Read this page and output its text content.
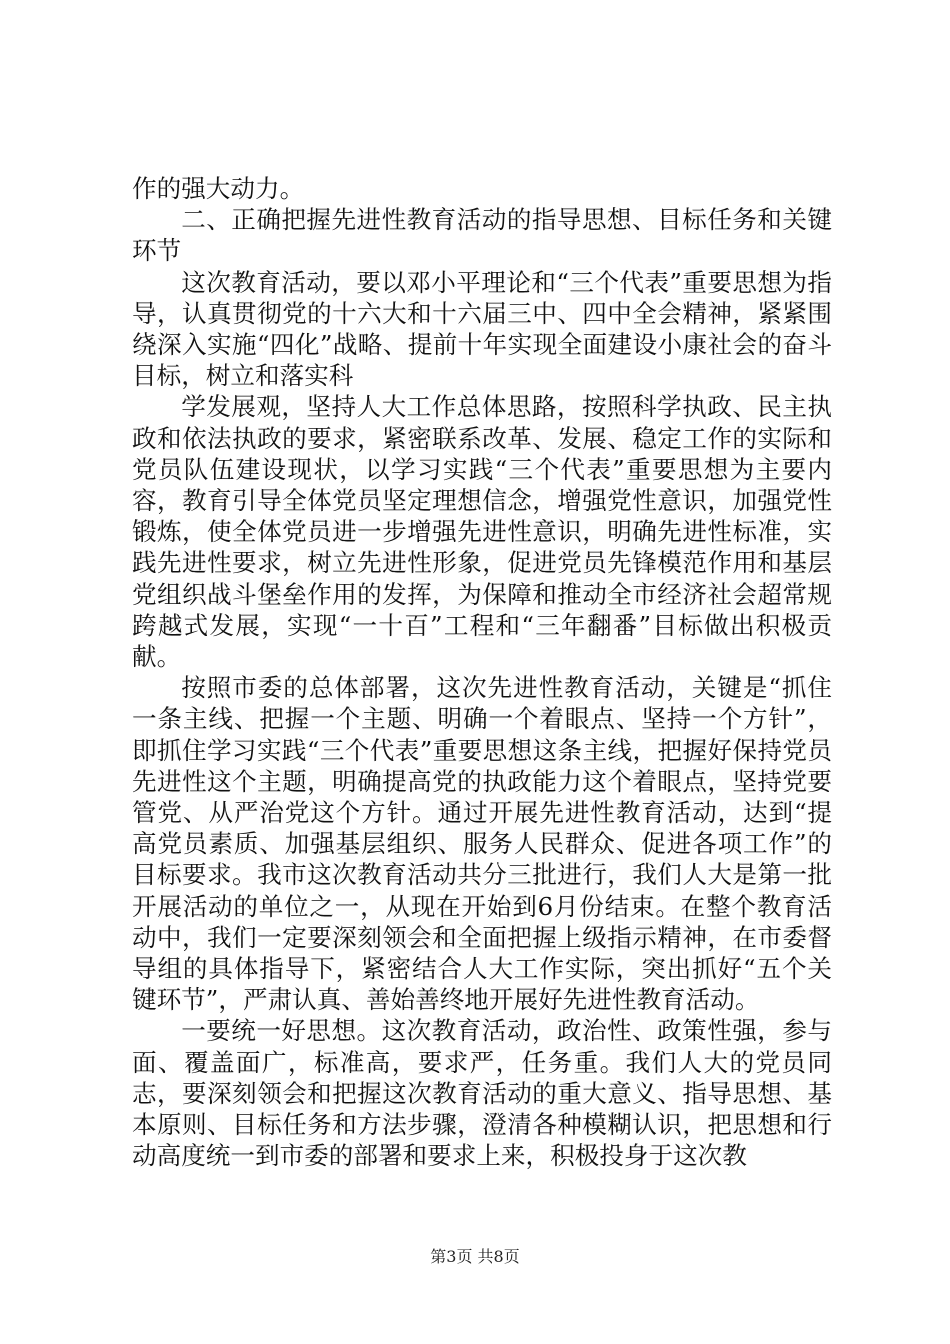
作的强大动力。

二、正确把握先进性教育活动的指导思想、目标任务和关键环节

这次教育活动，要以邓小平理论和“三个代表”重要思想为指导，认真贯彻党的十六大和十六届三中、四中全会精神，紧紧围绕深入实施“四化”战略、提前十年实现全面建设小康社会的奋斗目标，树立和落实科

学发展观，坚持人大工作总体思路，按照科学执政、民主执政和依法执政的要求，紧密联系改革、发展、稳定工作的实际和党员队伍建设现状，以学习实践“三个代表”重要思想为主要内容，教育引导全体党员坚定理想信念，增强党性意识，加强党性锻炼，使全体党员进一步增强先进性意识，明确先进性标准，实践先进性要求，树立先进性形象，促进党员先锋模范作用和基层党组织战斗堡垒作用的发挥，为保障和推动全市经济社会超常规跨越式发展，实现“一十百”工程和“三年翻番”目标做出积极贡献。

按照市委的总体部署，这次先进性教育活动，关键是“抓住一条主线、把握一个主题、明确一个着眼点、坚持一个方针”，即抓住学习实践“三个代表”重要思想这条主线，把握好保持党员先进性这个主题，明确提高党的执政能力这个着眼点，坚持党要管党、从严治党这个方针。通过开展先进性教育活动，达到“提高党员素质、加强基层组织、服务人民群众、促进各项工作”的目标要求。我市这次教育活动共分三批进行，我们人大是第一批开展活动的单位之一，从现在开始到6月份结束。在整个教育活动中，我们一定要深刻领会和全面把握上级指示精神，在市委督导组的具体指导下，紧密结合人大工作实际，突出抓好“五个关键环节”，严肃认真、善始善终地开展好先进性教育活动。

一要统一好思想。这次教育活动，政治性、政策性强，参与面、覆盖面广，标准高，要求严，任务重。我们人大的党员同志，要深刻领会和把握这次教育活动的重大意义、指导思想、基本原则、目标任务和方法步骤，澄清各种模糊认识，把思想和行动高度统一到市委的部署和要求上来，积极投身于这次教

第3页 共8页
